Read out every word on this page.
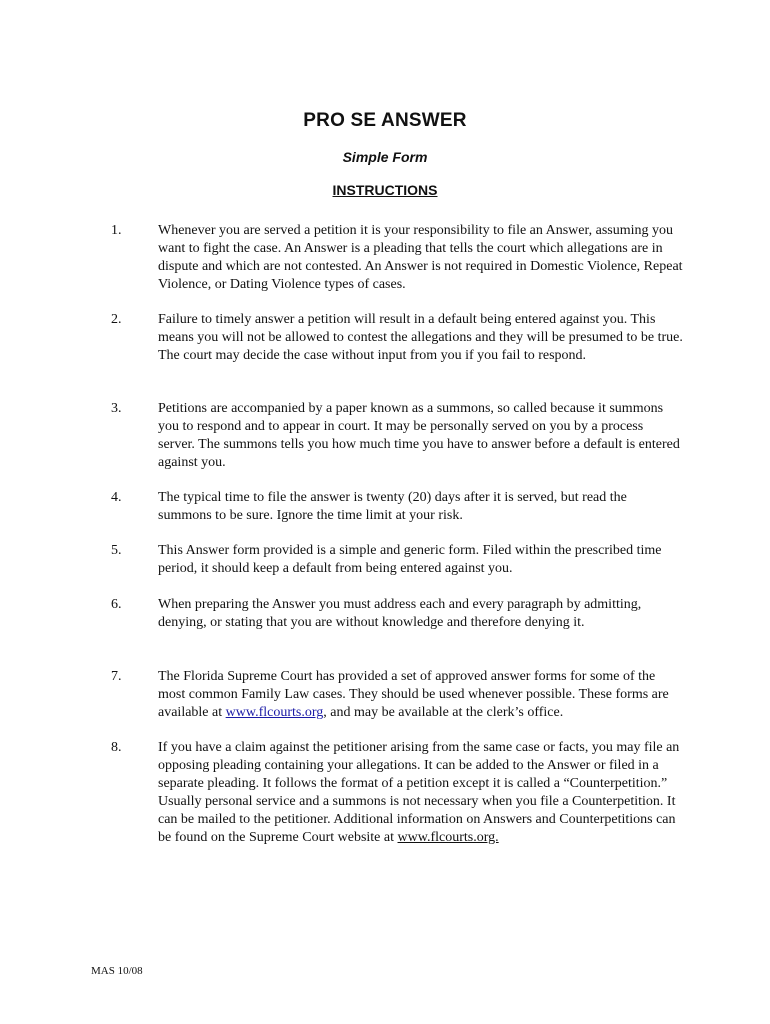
PRO SE ANSWER
Simple Form
INSTRUCTIONS
1.	Whenever you are served a petition it is your responsibility to file an Answer, assuming you want to fight the case. An Answer is a pleading that tells the court which allegations are in dispute and which are not contested. An Answer is not required in Domestic Violence, Repeat Violence, or Dating Violence types of cases.
2.	Failure to timely answer a petition will result in a default being entered against you. This means you will not be allowed to contest the allegations and they will be presumed to be true. The court may decide the case without input from you if you fail to respond.
3.	Petitions are accompanied by a paper known as a summons, so called because it summons you to respond and to appear in court. It may be personally served on you by a process server. The summons tells you how much time you have to answer before a default is entered against you.
4.	The typical time to file the answer is twenty (20) days after it is served, but read the summons to be sure. Ignore the time limit at your risk.
5.	This Answer form provided is a simple and generic form. Filed within the prescribed time period, it should keep a default from being entered against you.
6.	When preparing the Answer you must address each and every paragraph by admitting, denying, or stating that you are without knowledge and therefore denying it.
7.	The Florida Supreme Court has provided a set of approved answer forms for some of the most common Family Law cases. They should be used whenever possible. These forms are available at www.flcourts.org, and may be available at the clerk’s office.
8.	If you have a claim against the petitioner arising from the same case or facts, you may file an opposing pleading containing your allegations. It can be added to the Answer or filed in a separate pleading. It follows the format of a petition except it is called a “Counterpetition.” Usually personal service and a summons is not necessary when you file a Counterpetition. It can be mailed to the petitioner. Additional information on Answers and Counterpetitions can be found on the Supreme Court website at www.flcourts.org.
MAS 10/08
